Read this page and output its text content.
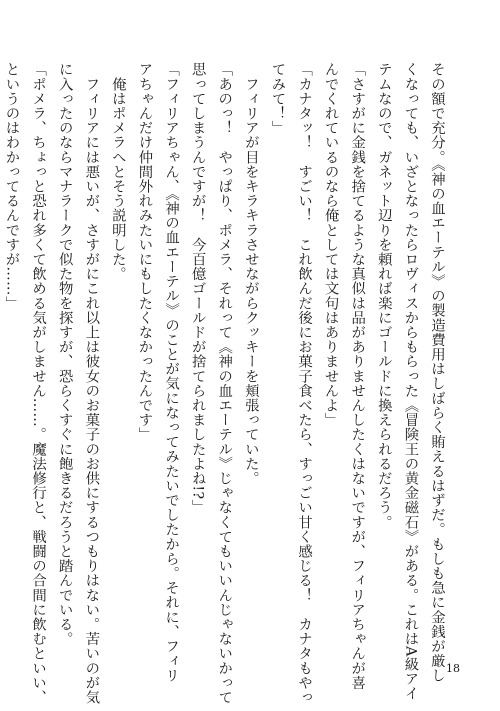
その額で充分。《神の血エーテル》の製造費用はしばらく賄えるはずだ。もしも急に金銭が厳し
くなっても、いざとなったらロヴィスからもらった《冒険王の黄金磁石》がある。これはA級アイ
テムなので、ガネット辺りを頼れば楽にゴールドに換えられるだろう。
「さすがに金銭を捨てるような真似は品がありませんしたくはないですが、フィリアちゃんが喜
んでくれているのなら俺としては文句はありませんよ」
「カナタッ！　すごい！　これ飲んだ後にお菓子食べたら、すっごい甘く感じる！　カナタもやっ
てみて！」
　フィリアが目をキラキラさせながらクッキーを頬張っていた。
「あのっ！　やっぱり、ポメラ、それって《神の血エーテル》じゃなくてもいいんじゃないかって
思ってしまうんですが！　今百億ゴールドが捨てられましたよね!?」
「フィリアちゃん、《神の血エーテル》のことが気になってみたいでしたから。それに、フィリ
アちゃんだけ仲間外れみたいにもしたくなかったんです」
　俺はポメラへとそう説明した。
　フィリアには悪いが、さすがにこれ以上は彼女のお菓子のお供にするつもりはない。苦いのが気
に入ったのならマナラークで似た物を探すが、恐らくすぐに飽きるだろうと踏んでいる。
「ポメラ、ちょっと恐れ多くて飲める気がしません……。魔法修行と、戦闘の合間に飲むといい、
というのはわかってるんですが……」
18
